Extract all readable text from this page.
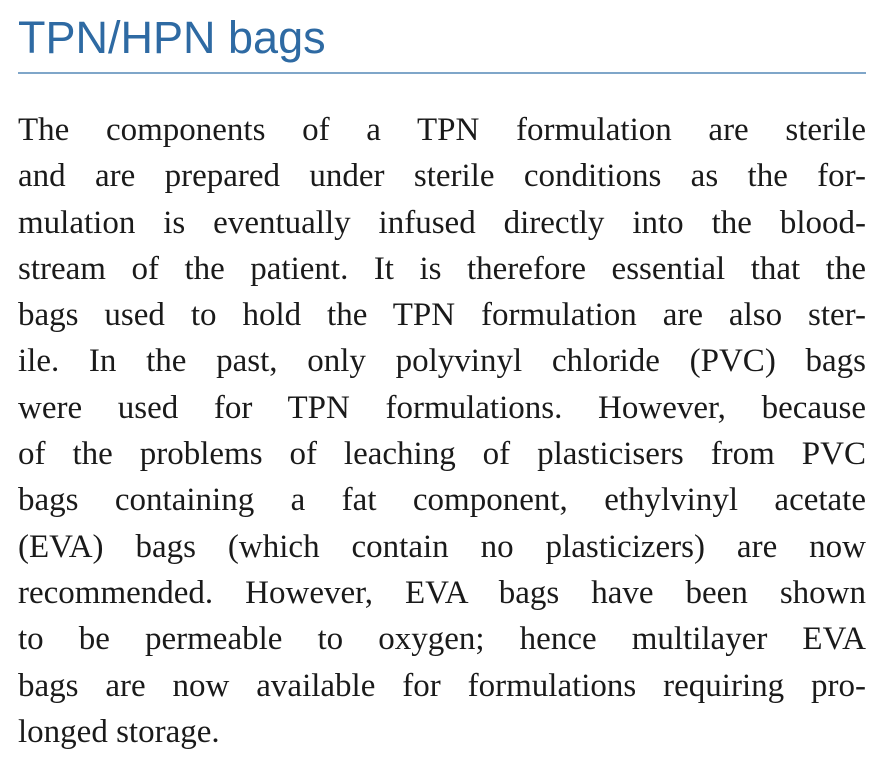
TPN/HPN bags
The components of a TPN formulation are sterile
and are prepared under sterile conditions as the for-
mulation is eventually infused directly into the blood-
stream of the patient. It is therefore essential that the
bags used to hold the TPN formulation are also ster-
ile. In the past, only polyvinyl chloride (PVC) bags
were used for TPN formulations. However, because
of the problems of leaching of plasticisers from PVC
bags containing a fat component, ethylvinyl acetate
(EVA) bags (which contain no plasticizers) are now
recommended. However, EVA bags have been shown
to be permeable to oxygen; hence multilayer EVA
bags are now available for formulations requiring pro-
longed storage.
